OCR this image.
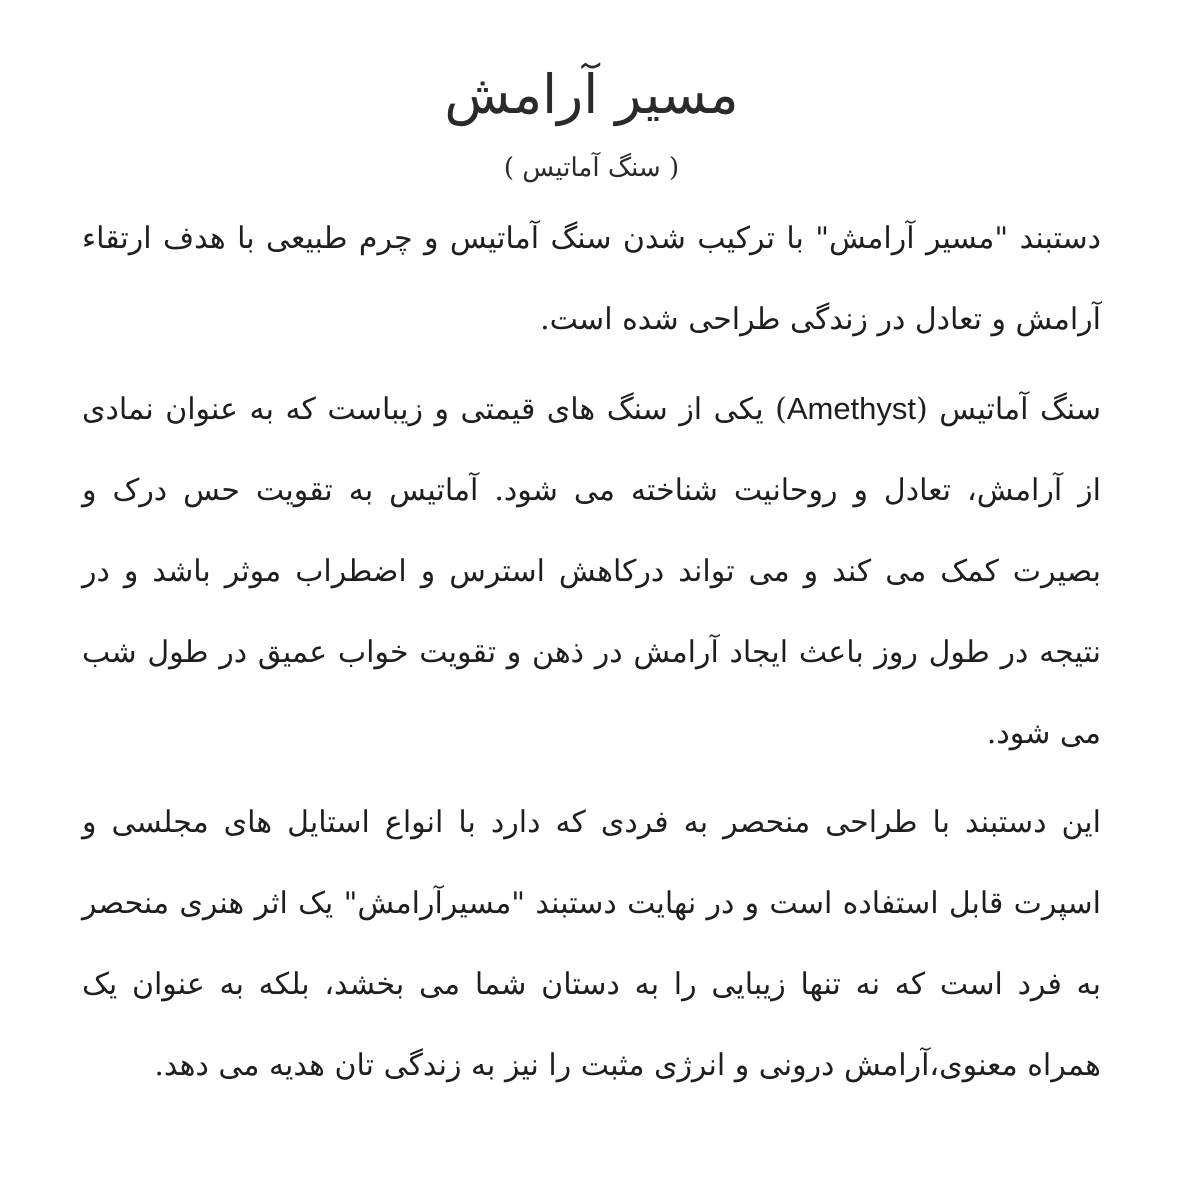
مسیر آرامش
( سنگ آماتیس )

دستبند "مسیر آرامش" با ترکیب شدن سنگ آماتیس و چرم طبیعی با هدف ارتقاء آرامش و تعادل در زندگی طراحی شده است.

سنگ آماتیس (Amethyst) یکی از سنگ های قیمتی و زیباست که به عنوان نمادی از آرامش، تعادل و روحانیت شناخته می شود. آماتیس به تقویت حس درک و بصیرت کمک می کند و می تواند درکاهش استرس و اضطراب موثر باشد و در نتیجه در طول روز باعث ایجاد آرامش در ذهن و تقویت خواب عمیق در طول شب می شود.

این دستبند با طراحی منحصر به فردی که دارد با انواع استایل های مجلسی و اسپرت قابل استفاده است و در نهایت دستبند "مسیرآرامش" یک اثر هنری منحصر به فرد است که نه تنها زیبایی را به دستان شما می بخشد، بلکه به عنوان یک همراه معنوی،آرامش درونی و انرژی مثبت را نیز به زندگی تان هدیه می دهد.
